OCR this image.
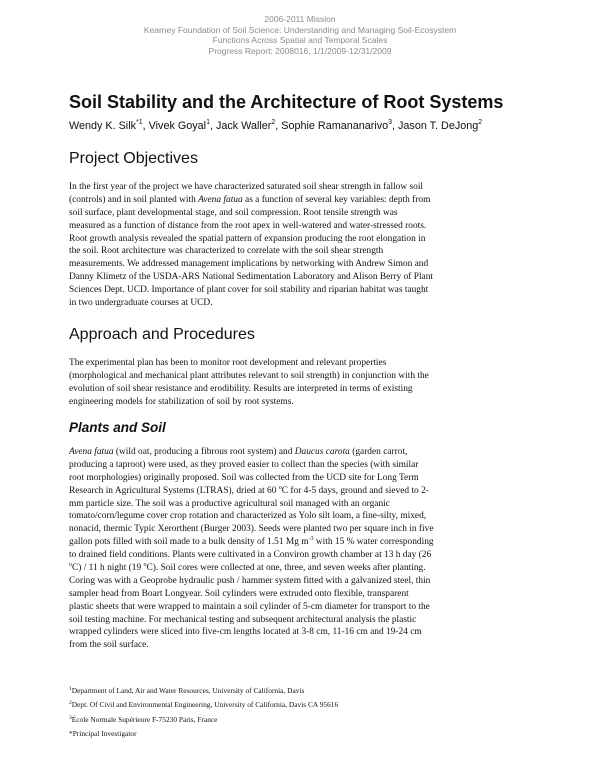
2006-2011 Mission
Kearney Foundation of Soil Science: Understanding and Managing Soil-Ecosystem
Functions Across Spatial and Temporal Scales
Progress Report: 2008016, 1/1/2009-12/31/2009
Soil Stability and the Architecture of Root Systems
Wendy K. Silk$^{*1}$, Vivek Goyal$^1$, Jack Waller$^2$, Sophie Ramananarivo$^3$, Jason T. DeJong$^2$
Project Objectives
In the first year of the project we have characterized saturated soil shear strength in fallow soil
(controls) and in soil planted with Avena fatua as a function of several key variables: depth from
soil surface, plant developmental stage, and soil compression. Root tensile strength was
measured as a function of distance from the root apex in well-watered and water-stressed roots.
Root growth analysis revealed the spatial pattern of expansion producing the root elongation in
the soil. Root architecture was characterized to correlate with the soil shear strength
measurements. We addressed management implications by networking with Andrew Simon and
Danny Klimetz of the USDA-ARS National Sedimentation Laboratory and Alison Berry of Plant
Sciences Dept. UCD. Importance of plant cover for soil stability and riparian habitat was taught
in two undergraduate courses at UCD.
Approach and Procedures
The experimental plan has been to monitor root development and relevant properties
(morphological and mechanical plant attributes relevant to soil strength) in conjunction with the
evolution of soil shear resistance and erodibility. Results are interpreted in terms of existing
engineering models for stabilization of soil by root systems.
Plants and Soil
Avena fatua (wild oat, producing a fibrous root system) and Daucus carota (garden carrot,
producing a taproot) were used, as they proved easier to collect than the species (with similar
root morphologies) originally proposed. Soil was collected from the UCD site for Long Term
Research in Agricultural Systems (LTRAS), dried at 60 $^o$C for 4-5 days, ground and sieved to 2-
mm particle size. The soil was a productive agricultural soil managed with an organic
tomato/corn/legume cover crop rotation and characterized as Yolo silt loam, a fine-silty, mixed,
nonacid, thermic Typic Xerorthent (Burger 2003). Seeds were planted two per square inch in five
gallon pots filled with soil made to a bulk density of 1.51 Mg $m^{-3}$ with 15 % water corresponding
to drained field conditions. Plants were cultivated in a Conviron growth chamber at 13 h day (26
$^o$C) / 11 h night (19 $^o$C). Soil cores were collected at one, three, and seven weeks after planting.
Coring was with a Geoprobe hydraulic push / hammer system fitted with a galvanized steel, thin
sampler head from Boart Longyear. Soil cylinders were extruded onto flexible, transparent
plastic sheets that were wrapped to maintain a soil cylinder of 5-cm diameter for transport to the
soil testing machine. For mechanical testing and subsequent architectural analysis the plastic
wrapped cylinders were sliced into five-cm lengths located at 3-8 cm, 11-16 cm and 19-24 cm
from the soil surface.
$^1$Department of Land, Air and Water Resources, University of California, Davis
$^2$Dept. Of Civil and Environmental Engineering, University of California, Davis CA 95616
$^3$École Normale Supérieure F-75230 Paris, France
*Principal Investigator
